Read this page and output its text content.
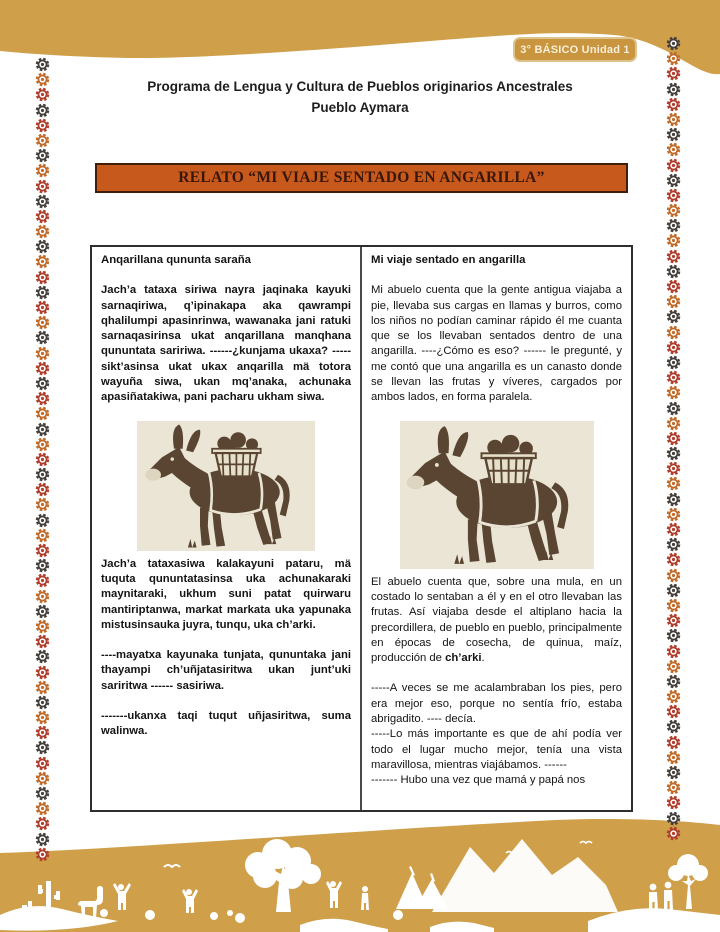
3° BÁSICO Unidad 1
Programa de Lengua y Cultura de Pueblos originarios Ancestrales
Pueblo Aymara
RELATO “MI VIAJE SENTADO EN ANGARILLA”
Anqarillana qununta saraña

Jach’a tataxa siriwa nayra jaqinaka kayuki sarnaqiriwa, q’ipinakapa aka qawrampi qhalilumpi apasinrinwa, wawanaka jani ratuki sarnaqasirinsa ukat anqarillana manqhana qununtata saririwa. ------¿kunjama ukaxa? ----- sikt’asinsa ukat ukax anqarilla mä totora wayuña siwa, ukan mq’anaka, achunaka apasiñatakiwa, pani pacharu ukham siwa.

Jach’a tataxasiwa kalakayuni pataru, mä tuquta qununtatasinsa uka achunakaraki maynitaraki, ukhum suni patat quirwaru mantiriptanwa, markat markata uka yapunaka mistusinsauka juyra, tunqu, uka ch’arki.

----mayatxa kayunaka tunjata, qununtaka jani thayampi ch’uñjatasiritwa ukan junt’uki sariritwa ------ sasiriwa.

-------ukanxa taqi tuqut uñjasiritwa, suma walinwa.

Mi viaje sentado en angarilla

Mi abuelo cuenta que la gente antigua viajaba a pie, llevaba sus cargas en llamas y burros, como los niños no podían caminar rápido él me cuanta que se los llevaban sentados dentro de una angarilla. ----¿Cómo es eso? ------ le pregunté, y me contó que una angarilla es un canasto donde se llevan las frutas y víveres, cargados por ambos lados, en forma paralela.

El abuelo cuenta que, sobre una mula, en un costado lo sentaban a él y en el otro llevaban las frutas. Así viajaba desde el altiplano hacia la precordillera, de pueblo en pueblo, principalmente en épocas de cosecha, de quinua, maíz, producción de ch’arki.

-----A veces se me acalambraban los pies, pero era mejor eso, porque no sentía frío, estaba abrigadito. ---- decía.

-----Lo más importante es que de ahí podía ver todo el lugar mucho mejor, tenía una vista maravillosa, mientras viajábamos. ------

------- Hubo una vez que mamá y papá nos
